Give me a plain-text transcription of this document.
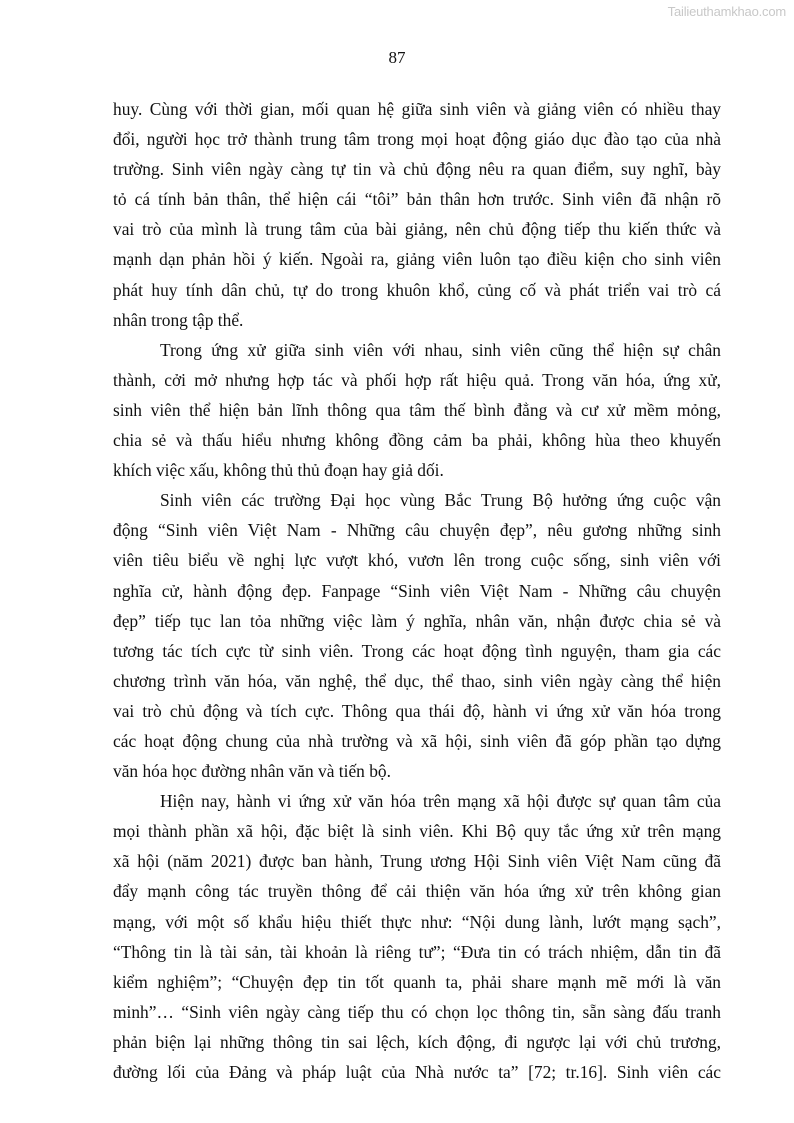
Tailieuthamkhao.com
87

huy. Cùng với thời gian, mối quan hệ giữa sinh viên và giảng viên có nhiều thay
đổi, người học trở thành trung tâm trong mọi hoạt động giáo dục đào tạo của nhà
trường. Sinh viên ngày càng tự tin và chủ động nêu ra quan điểm, suy nghĩ, bày
tỏ cá tính bản thân, thể hiện cái “tôi” bản thân hơn trước. Sinh viên đã nhận rõ
vai trò của mình là trung tâm của bài giảng, nên chủ động tiếp thu kiến thức và
mạnh dạn phản hồi ý kiến. Ngoài ra, giảng viên luôn tạo điều kiện cho sinh viên
phát huy tính dân chủ, tự do trong khuôn khổ, củng cố và phát triển vai trò cá
nhân trong tập thể.

Trong ứng xử giữa sinh viên với nhau, sinh viên cũng thể hiện sự chân
thành, cởi mở nhưng hợp tác và phối hợp rất hiệu quả. Trong văn hóa, ứng xử,
sinh viên thể hiện bản lĩnh thông qua tâm thế bình đẳng và cư xử mềm mỏng,
chia sẻ và thấu hiểu nhưng không đồng cảm ba phải, không hùa theo khuyến
khích việc xấu, không thủ thủ đoạn hay giả dối.

Sinh viên các trường Đại học vùng Bắc Trung Bộ hưởng ứng cuộc vận
động “Sinh viên Việt Nam - Những câu chuyện đẹp”, nêu gương những sinh
viên tiêu biểu về nghị lực vượt khó, vươn lên trong cuộc sống, sinh viên với
nghĩa cử, hành động đẹp. Fanpage “Sinh viên Việt Nam - Những câu chuyện
đẹp” tiếp tục lan tỏa những việc làm ý nghĩa, nhân văn, nhận được chia sẻ và
tương tác tích cực từ sinh viên. Trong các hoạt động tình nguyện, tham gia các
chương trình văn hóa, văn nghệ, thể dục, thể thao, sinh viên ngày càng thể hiện
vai trò chủ động và tích cực. Thông qua thái độ, hành vi ứng xử văn hóa trong
các hoạt động chung của nhà trường và xã hội, sinh viên đã góp phần tạo dựng
văn hóa học đường nhân văn và tiến bộ.

Hiện nay, hành vi ứng xử văn hóa trên mạng xã hội được sự quan tâm của
mọi thành phần xã hội, đặc biệt là sinh viên. Khi Bộ quy tắc ứng xử trên mạng
xã hội (năm 2021) được ban hành, Trung ương Hội Sinh viên Việt Nam cũng đã
đẩy mạnh công tác truyền thông để cải thiện văn hóa ứng xử trên không gian
mạng, với một số khẩu hiệu thiết thực như: “Nội dung lành, lướt mạng sạch”,
“Thông tin là tài sản, tài khoản là riêng tư”; “Đưa tin có trách nhiệm, dẫn tin đã
kiểm nghiệm”; “Chuyện đẹp tin tốt quanh ta, phải share mạnh mẽ mới là văn
minh”… “Sinh viên ngày càng tiếp thu có chọn lọc thông tin, sẵn sàng đấu tranh
phản biện lại những thông tin sai lệch, kích động, đi ngược lại với chủ trương,
đường lối của Đảng và pháp luật của Nhà nước ta” [72; tr.16]. Sinh viên các
